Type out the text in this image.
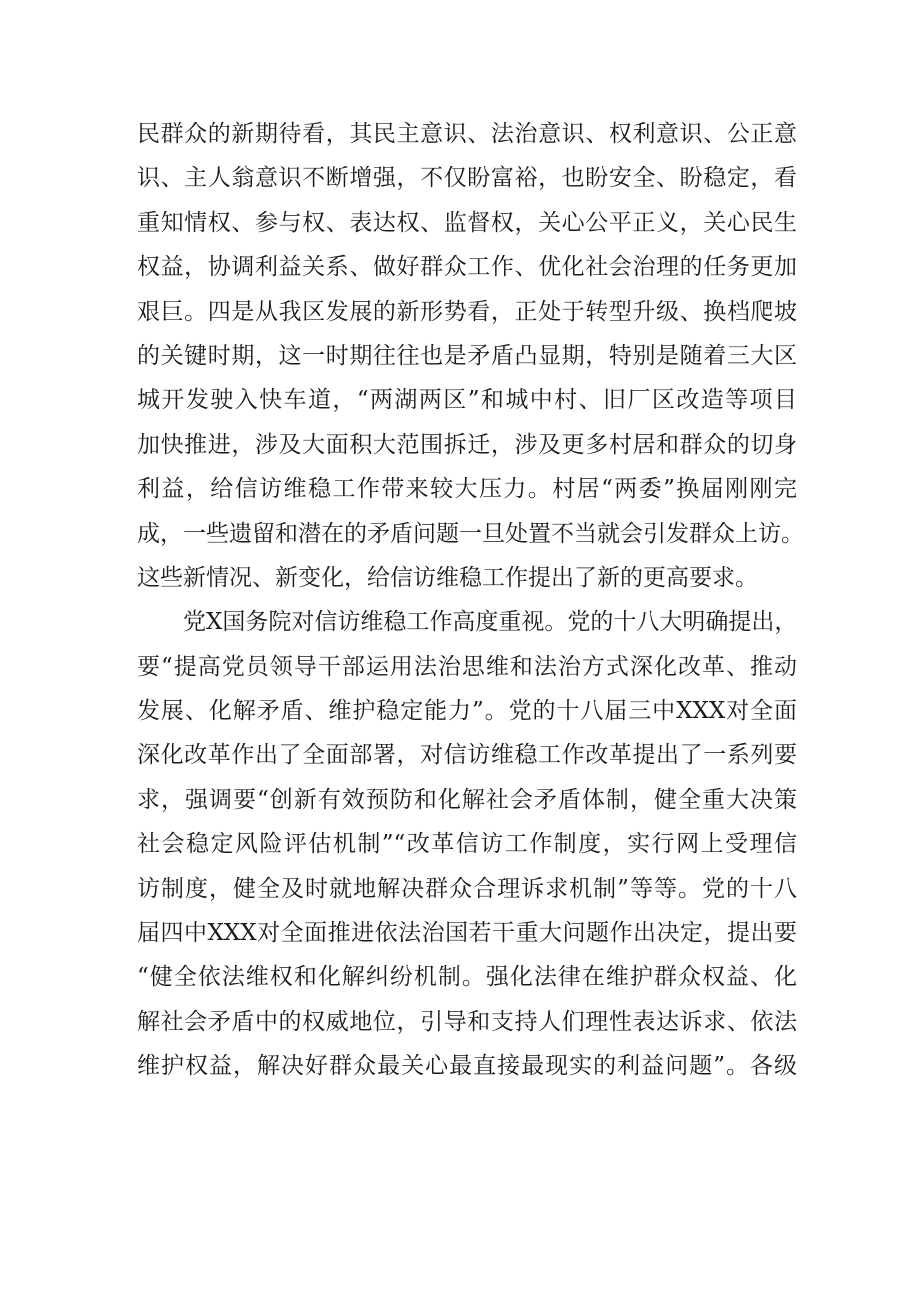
民群众的新期待看，其民主意识、法治意识、权利意识、公正意
识、主人翁意识不断增强，不仅盼富裕，也盼安全、盼稳定，看
重知情权、参与权、表达权、监督权，关心公平正义，关心民生
权益，协调利益关系、做好群众工作、优化社会治理的任务更加
艰巨。四是从我区发展的新形势看，正处于转型升级、换档爬坡
的关键时期，这一时期往往也是矛盾凸显期，特别是随着三大区
城开发驶入快车道，“两湖两区”和城中村、旧厂区改造等项目
加快推进，涉及大面积大范围拆迁，涉及更多村居和群众的切身
利益，给信访维稳工作带来较大压力。村居“两委”换届刚刚完
成，一些遗留和潜在的矛盾问题一旦处置不当就会引发群众上访。
这些新情况、新变化，给信访维稳工作提出了新的更高要求。
党X国务院对信访维稳工作高度重视。党的十八大明确提出，
要“提高党员领导干部运用法治思维和法治方式深化改革、推动
发展、化解矛盾、维护稳定能力”。党的十八届三中XXX对全面
深化改革作出了全面部署，对信访维稳工作改革提出了一系列要
求，强调要“创新有效预防和化解社会矛盾体制，健全重大决策
社会稳定风险评估机制”“改革信访工作制度，实行网上受理信
访制度，健全及时就地解决群众合理诉求机制”等等。党的十八
届四中XXX对全面推进依法治国若干重大问题作出决定，提出要
“健全依法维权和化解纠纷机制。强化法律在维护群众权益、化
解社会矛盾中的权威地位，引导和支持人们理性表达诉求、依法
维护权益，解决好群众最关心最直接最现实的利益问题”。各级
